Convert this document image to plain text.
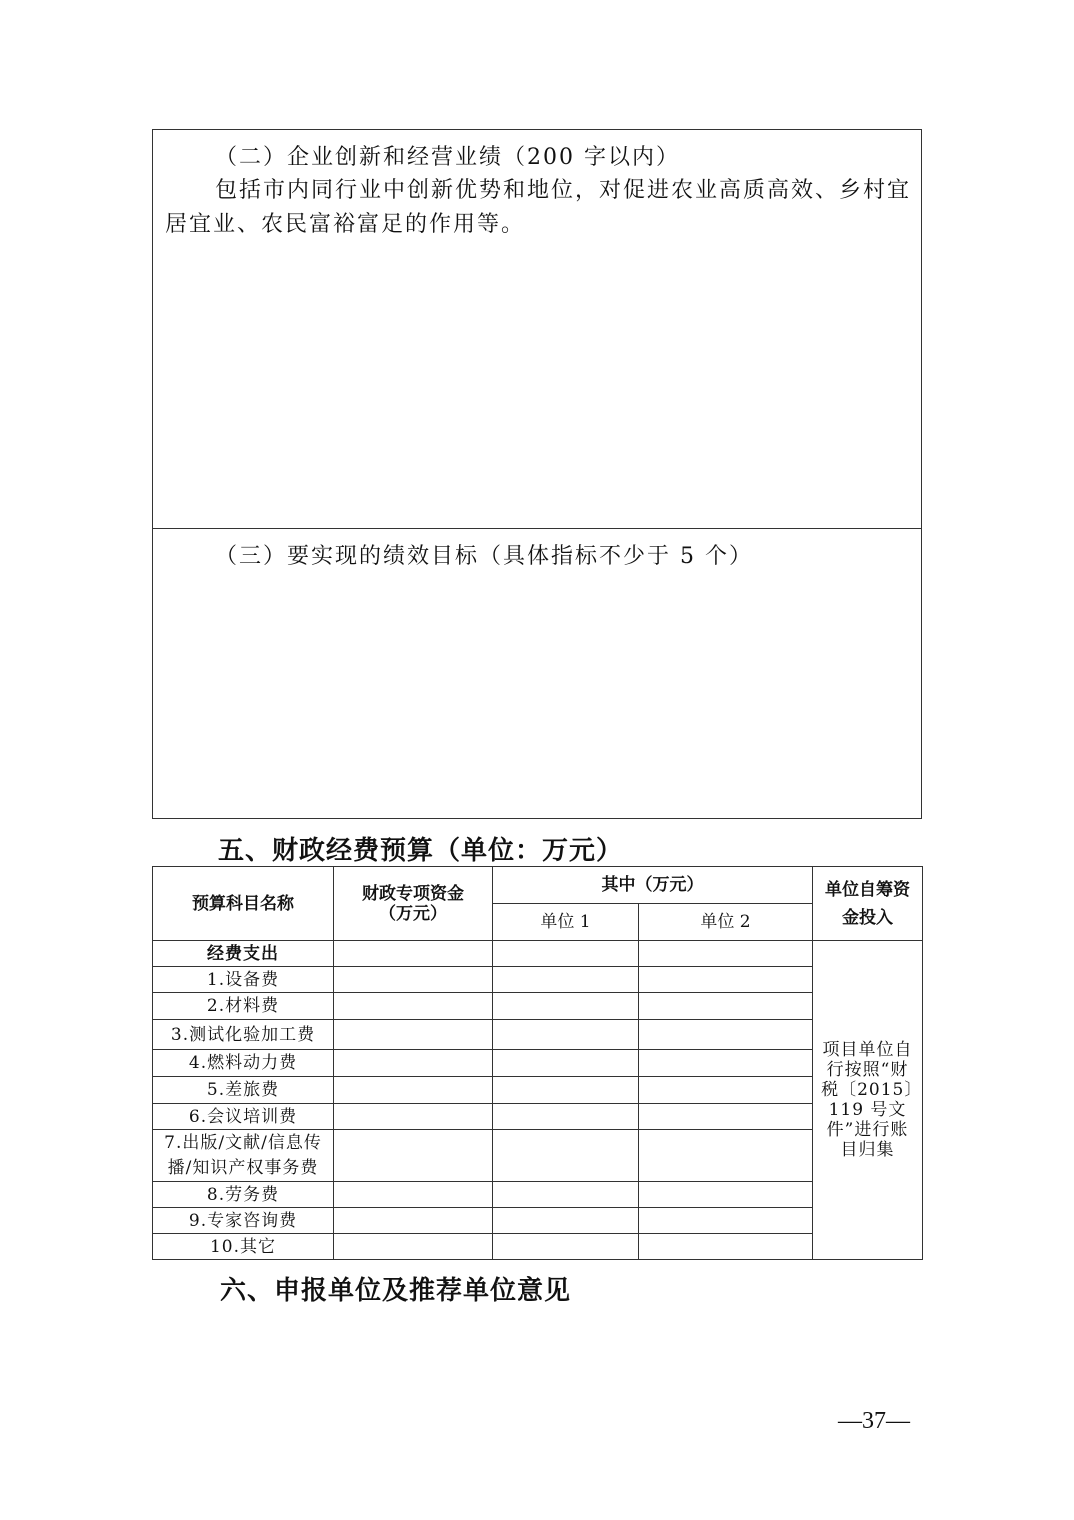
（二）企业创新和经营业绩（200 字以内）
包括市内同行业中创新优势和地位，对促进农业高质高效、乡村宜居宜业、农民富裕富足的作用等。
（三）要实现的绩效目标（具体指标不少于 5 个）
五、财政经费预算（单位：万元）
预算科目名称	财政专项资金（万元）	其中（万元）		单位自筹资金投入
		单位 1	单位 2	
经费支出				项目单位自行按照“财税〔2015〕119 号文件”进行账目归集
1.设备费				
2.材料费				
3.测试化验加工费				
4.燃料动力费				
5.差旅费				
6.会议培训费				
7.出版/文献/信息传播/知识产权事务费				
8.劳务费				
9.专家咨询费				
10.其它				
六、申报单位及推荐单位意见
—37—
